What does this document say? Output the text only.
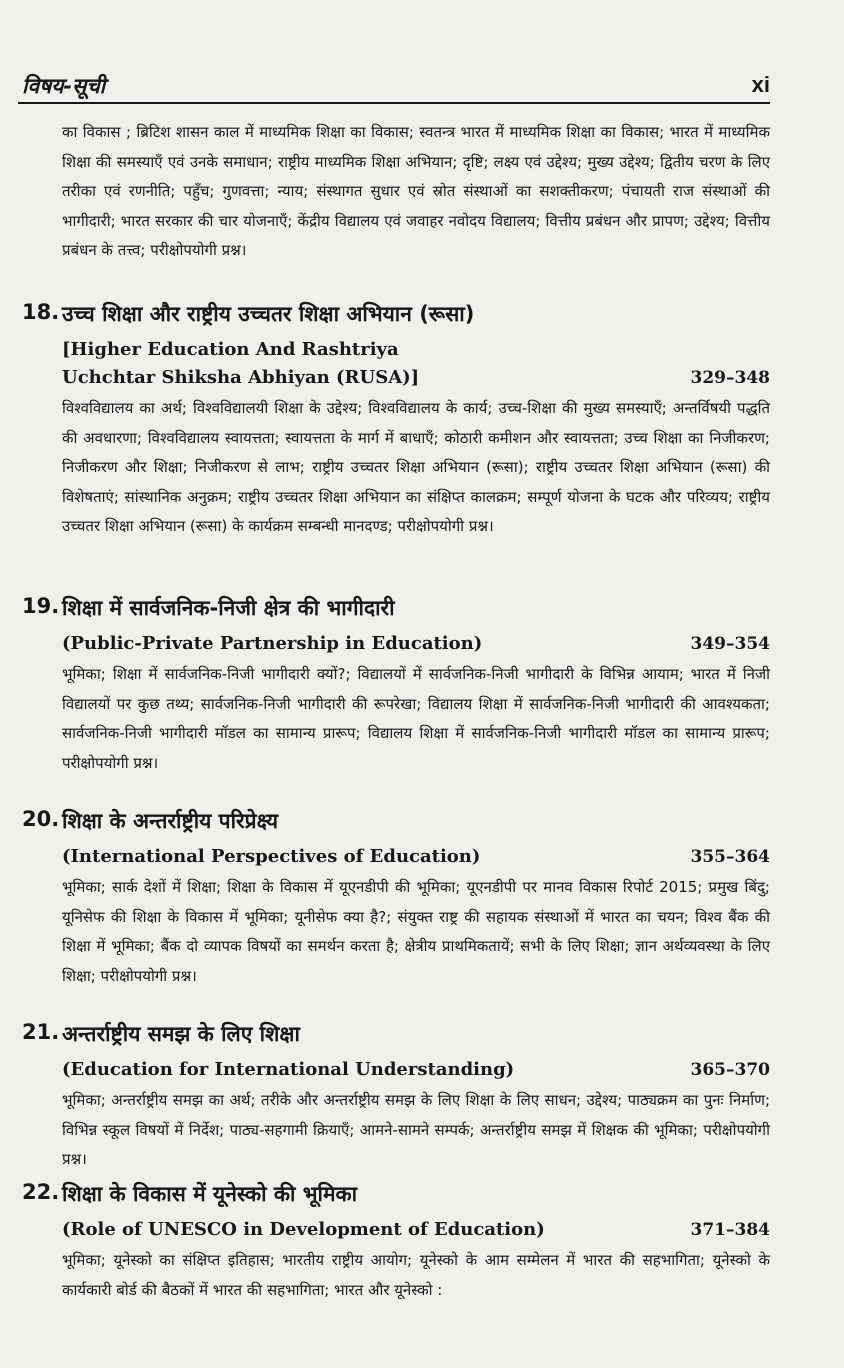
विषय-सूची	xi

का विकास ; ब्रिटिश शासन काल में माध्यमिक शिक्षा का विकास; स्वतन्त्र भारत में माध्यमिक शिक्षा का विकास; भारत में माध्यमिक शिक्षा की समस्याएँ एवं उनके समाधान; राष्ट्रीय माध्यमिक शिक्षा अभियान; दृष्टि; लक्ष्य एवं उद्देश्य; मुख्य उद्देश्य; द्वितीय चरण के लिए तरीका एवं रणनीति; पहुँच; गुणवत्ता; न्याय; संस्थागत सुधार एवं स्रोत संस्थाओं का सशक्तीकरण; पंचायती राज संस्थाओं की भागीदारी; भारत सरकार की चार योजनाएँ; केंद्रीय विद्यालय एवं जवाहर नवोदय विद्यालय; वित्तीय प्रबंधन और प्रापण; उद्देश्य; वित्तीय प्रबंधन के तत्त्व; परीक्षोपयोगी प्रश्न।

18. उच्च शिक्षा और राष्ट्रीय उच्चतर शिक्षा अभियान (रूसा)
[Higher Education And Rashtriya
Uchchtar Shiksha Abhiyan (RUSA)]	329–348

विश्वविद्यालय का अर्थ; विश्वविद्यालयी शिक्षा के उद्देश्य; विश्वविद्यालय के कार्य; उच्च-शिक्षा की मुख्य समस्याएँ; अन्तर्विषयी पद्धति की अवधारणा; विश्वविद्यालय स्वायत्तता; स्वायत्तता के मार्ग में बाधाएँ; कोठारी कमीशन और स्वायत्तता; उच्च शिक्षा का निजीकरण; निजीकरण और शिक्षा; निजीकरण से लाभ; राष्ट्रीय उच्चतर शिक्षा अभियान (रूसा); राष्ट्रीय उच्चतर शिक्षा अभियान (रूसा) की विशेषताएं; सांस्थानिक अनुक्रम; राष्ट्रीय उच्चतर शिक्षा अभियान का संक्षिप्त कालक्रम; सम्पूर्ण योजना के घटक और परिव्यय; राष्ट्रीय उच्चतर शिक्षा अभियान (रूसा) के कार्यक्रम सम्बन्धी मानदण्ड; परीक्षोपयोगी प्रश्न।

19. शिक्षा में सार्वजनिक-निजी क्षेत्र की भागीदारी
(Public-Private Partnership in Education)	349–354

भूमिका; शिक्षा में सार्वजनिक-निजी भागीदारी क्यों?; विद्यालयों में सार्वजनिक-निजी भागीदारी के विभिन्न आयाम; भारत में निजी विद्यालयों पर कुछ तथ्य; सार्वजनिक-निजी भागीदारी की रूपरेखा; विद्यालय शिक्षा में सार्वजनिक-निजी भागीदारी की आवश्यकता; सार्वजनिक-निजी भागीदारी मॉडल का सामान्य प्रारूप; विद्यालय शिक्षा में सार्वजनिक-निजी भागीदारी मॉडल का सामान्य प्रारूप; परीक्षोपयोगी प्रश्न।

20. शिक्षा के अन्तर्राष्ट्रीय परिप्रेक्ष्य
(International Perspectives of Education)	355–364

भूमिका; सार्क देशों में शिक्षा; शिक्षा के विकास में यूएनडीपी की भूमिका; यूएनडीपी पर मानव विकास रिपोर्ट 2015; प्रमुख बिंदु; यूनिसेफ की शिक्षा के विकास में भूमिका; यूनीसेफ क्या है?; संयुक्त राष्ट्र की सहायक संस्थाओं में भारत का चयन; विश्व बैंक की शिक्षा में भूमिका; बैंक दो व्यापक विषयों का समर्थन करता है; क्षेत्रीय प्राथमिकतायें; सभी के लिए शिक्षा; ज्ञान अर्थव्यवस्था के लिए शिक्षा; परीक्षोपयोगी प्रश्न।

21. अन्तर्राष्ट्रीय समझ के लिए शिक्षा
(Education for International Understanding)	365–370

भूमिका; अन्तर्राष्ट्रीय समझ का अर्थ; तरीके और अन्तर्राष्ट्रीय समझ के लिए शिक्षा के लिए साधन; उद्देश्य; पाठ्यक्रम का पुनः निर्माण; विभिन्न स्कूल विषयों में निर्देश; पाठ्य-सहगामी क्रियाएँ; आमने-सामने सम्पर्क; अन्तर्राष्ट्रीय समझ में शिक्षक की भूमिका; परीक्षोपयोगी प्रश्न।

22. शिक्षा के विकास में यूनेस्को की भूमिका
(Role of UNESCO in Development of Education)	371–384

भूमिका; यूनेस्को का संक्षिप्त इतिहास; भारतीय राष्ट्रीय आयोग; यूनेस्को के आम सम्मेलन में भारत की सहभागिता; यूनेस्को के कार्यकारी बोर्ड की बैठकों में भारत की सहभागिता; भारत और यूनेस्को :
